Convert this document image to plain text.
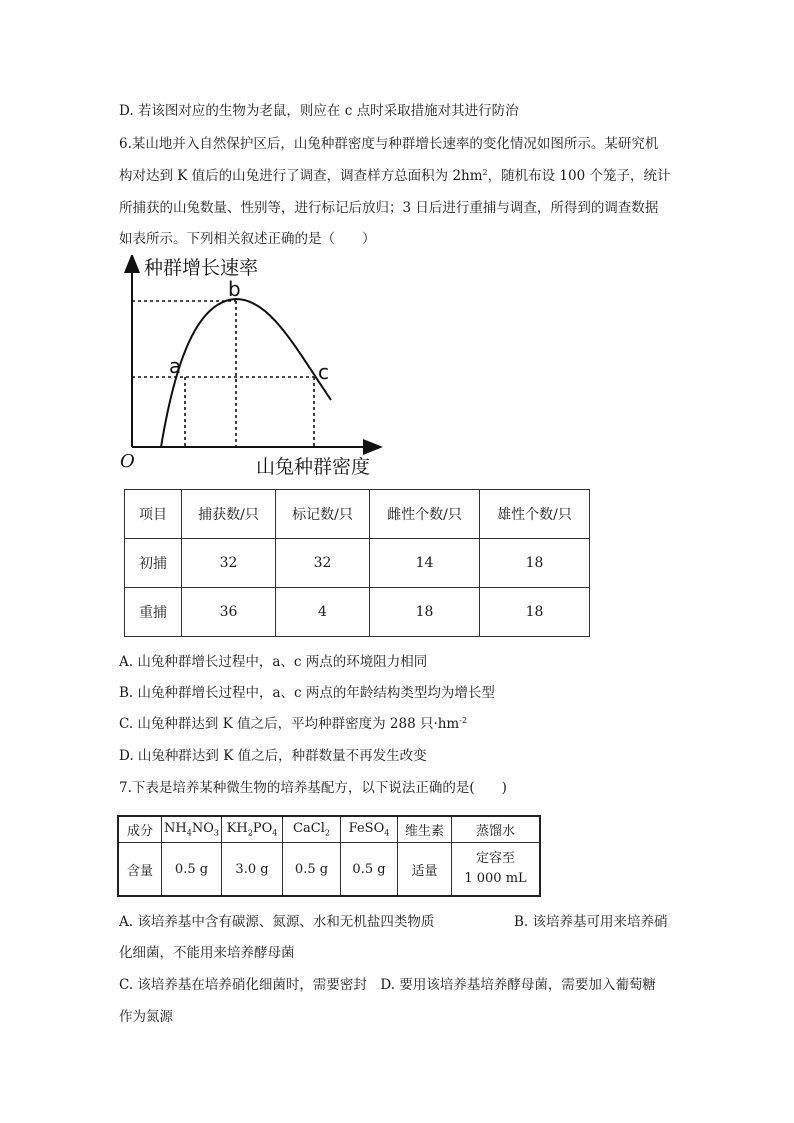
D. 若该图对应的生物为老鼠，则应在 c 点时采取措施对其进行防治
6.某山地并入自然保护区后，山兔种群密度与种群增长速率的变化情况如图所示。某研究机
构对达到 K 值后的山兔进行了调查，调查样方总面积为 $2hm^2$，随机布设 100 个笼子，统计
所捕获的山兔数量、性别等，进行标记后放归；3 日后进行重捕与调查，所得到的调查数据
如表所示。下列相关叙述正确的是（　　）
种群增长速率
山兔种群密度
O
a
b
c
项目	捕获数/只	标记数/只	雌性个数/只	雄性个数/只
初捕	32	32	14	18
重捕	36	4	18	18
A. 山兔种群增长过程中，a、c 两点的环境阻力相同
B. 山兔种群增长过程中，a、c 两点的年龄结构类型均为增长型
C. 山兔种群达到 K 值之后，平均种群密度为 288 只$\cdot hm^{-2}$
D. 山兔种群达到 K 值之后，种群数量不再发生改变
7.下表是培养某种微生物的培养基配方，以下说法正确的是(　　)
成分	$NH_4NO_3$	$KH_2PO_4$	CaCl$_2$	FeSO$_4$	维生素	蒸馏水
含量	0.5 g	3.0 g	0.5 g	0.5 g	适量	定容至
1 000 mL
A. 该培养基中含有碳源、氮源、水和无机盐四类物质	B. 该培养基可用来培养硝
化细菌，不能用来培养酵母菌
C. 该培养基在培养硝化细菌时，需要密封　D. 要用该培养基培养酵母菌，需要加入葡萄糖
作为氮源
